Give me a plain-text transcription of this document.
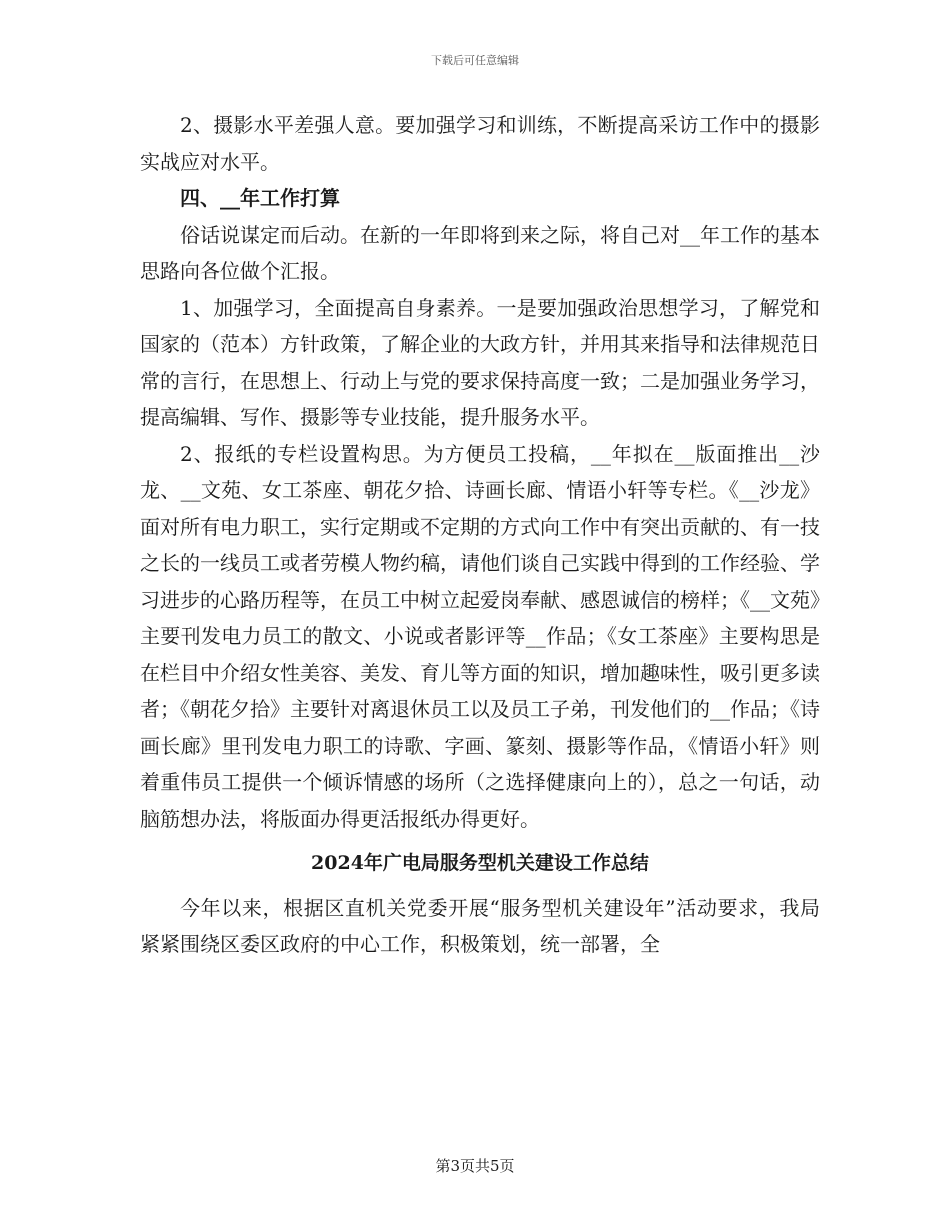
下载后可任意编辑

2、摄影水平差强人意。要加强学习和训练，不断提高采访工作中的摄影实战应对水平。

四、__年工作打算

俗话说谋定而后动。在新的一年即将到来之际，将自己对__年工作的基本思路向各位做个汇报。

1、加强学习，全面提高自身素养。一是要加强政治思想学习，了解党和国家的（范本）方针政策，了解企业的大政方针，并用其来指导和法律规范日常的言行，在思想上、行动上与党的要求保持高度一致；二是加强业务学习，提高编辑、写作、摄影等专业技能，提升服务水平。

2、报纸的专栏设置构思。为方便员工投稿，__年拟在__版面推出__沙龙、__文苑、女工茶座、朝花夕拾、诗画长廊、情语小轩等专栏。《__沙龙》面对所有电力职工，实行定期或不定期的方式向工作中有突出贡献的、有一技之长的一线员工或者劳模人物约稿，请他们谈自己实践中得到的工作经验、学习进步的心路历程等，在员工中树立起爱岗奉献、感恩诚信的榜样；《__文苑》主要刊发电力员工的散文、小说或者影评等__作品；《女工茶座》主要构思是在栏目中介绍女性美容、美发、育儿等方面的知识，增加趣味性，吸引更多读者；《朝花夕拾》主要针对离退休员工以及员工子弟，刊发他们的__作品；《诗画长廊》里刊发电力职工的诗歌、字画、篆刻、摄影等作品，《情语小轩》则着重伟员工提供一个倾诉情感的场所（之选择健康向上的），总之一句话，动脑筋想办法，将版面办得更活报纸办得更好。

2024年广电局服务型机关建设工作总结

今年以来，根据区直机关党委开展“服务型机关建设年”活动要求，我局紧紧围绕区委区政府的中心工作，积极策划，统一部署，全

第3页共5页
